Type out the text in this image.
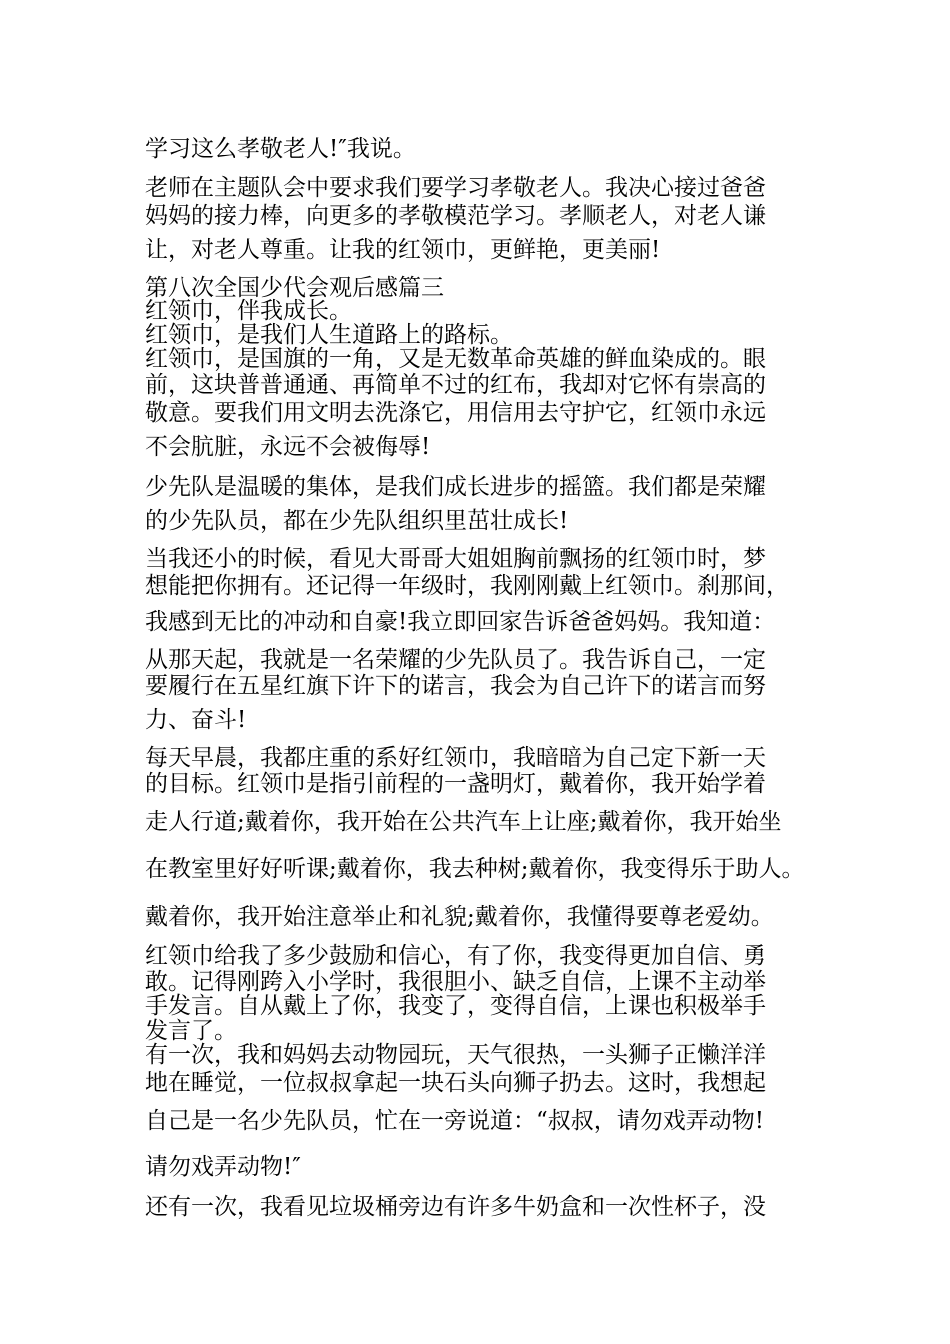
学习这么孝敬老人!″我说。

老师在主题队会中要求我们要学习孝敬老人。我决心接过爸爸

妈妈的接力棒，向更多的孝敬模范学习。孝顺老人，对老人谦

让，对老人尊重。让我的红领巾，更鲜艳，更美丽!

第八次全国少代会观后感篇三

红领巾，伴我成长。

红领巾，是我们人生道路上的路标。

红领巾，是国旗的一角，又是无数革命英雄的鲜血染成的。眼

前，这块普普通通、再简单不过的红布，我却对它怀有崇高的

敬意。要我们用文明去洗涤它，用信用去守护它，红领巾永远

不会肮脏，永远不会被侮辱!

少先队是温暖的集体，是我们成长进步的摇篮。我们都是荣耀

的少先队员，都在少先队组织里茁壮成长!

当我还小的时候，看见大哥哥大姐姐胸前飘扬的红领巾时，梦

想能把你拥有。还记得一年级时，我刚刚戴上红领巾。刹那间，

我感到无比的冲动和自豪!我立即回家告诉爸爸妈妈。我知道：

从那天起，我就是一名荣耀的少先队员了。我告诉自己，一定

要履行在五星红旗下许下的诺言，我会为自己许下的诺言而努

力、奋斗!

每天早晨，我都庄重的系好红领巾，我暗暗为自己定下新一天

的目标。红领巾是指引前程的一盏明灯，戴着你，我开始学着

走人行道;戴着你，我开始在公共汽车上让座;戴着你，我开始坐

在教室里好好听课;戴着你，我去种树;戴着你，我变得乐于助人。

戴着你，我开始注意举止和礼貌;戴着你，我懂得要尊老爱幼。

红领巾给我了多少鼓励和信心，有了你，我变得更加自信、勇

敢。记得刚跨入小学时，我很胆小、缺乏自信，上课不主动举

手发言。自从戴上了你，我变了，变得自信，上课也积极举手

发言了。

有一次，我和妈妈去动物园玩，天气很热，一头狮子正懒洋洋

地在睡觉，一位叔叔拿起一块石头向狮子扔去。这时，我想起

自己是一名少先队员，忙在一旁说道：“叔叔，请勿戏弄动物!

请勿戏弄动物!″

还有一次，我看见垃圾桶旁边有许多牛奶盒和一次性杯子，没
